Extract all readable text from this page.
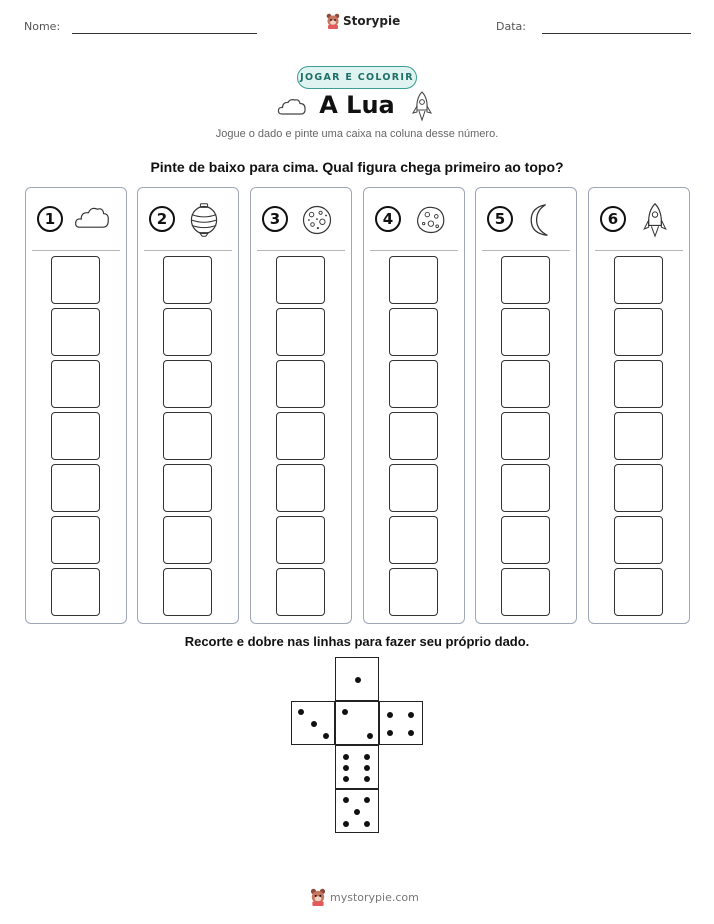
Nome:	Storypie	Data:
JOGAR E COLORIR
A Lua
Jogue o dado e pinte uma caixa na coluna desse número.
Pinte de baixo para cima. Qual figura chega primeiro ao topo?
1	2	3	4	5	6
Recorte e dobre nas linhas para fazer seu próprio dado.
mystorypie.com
